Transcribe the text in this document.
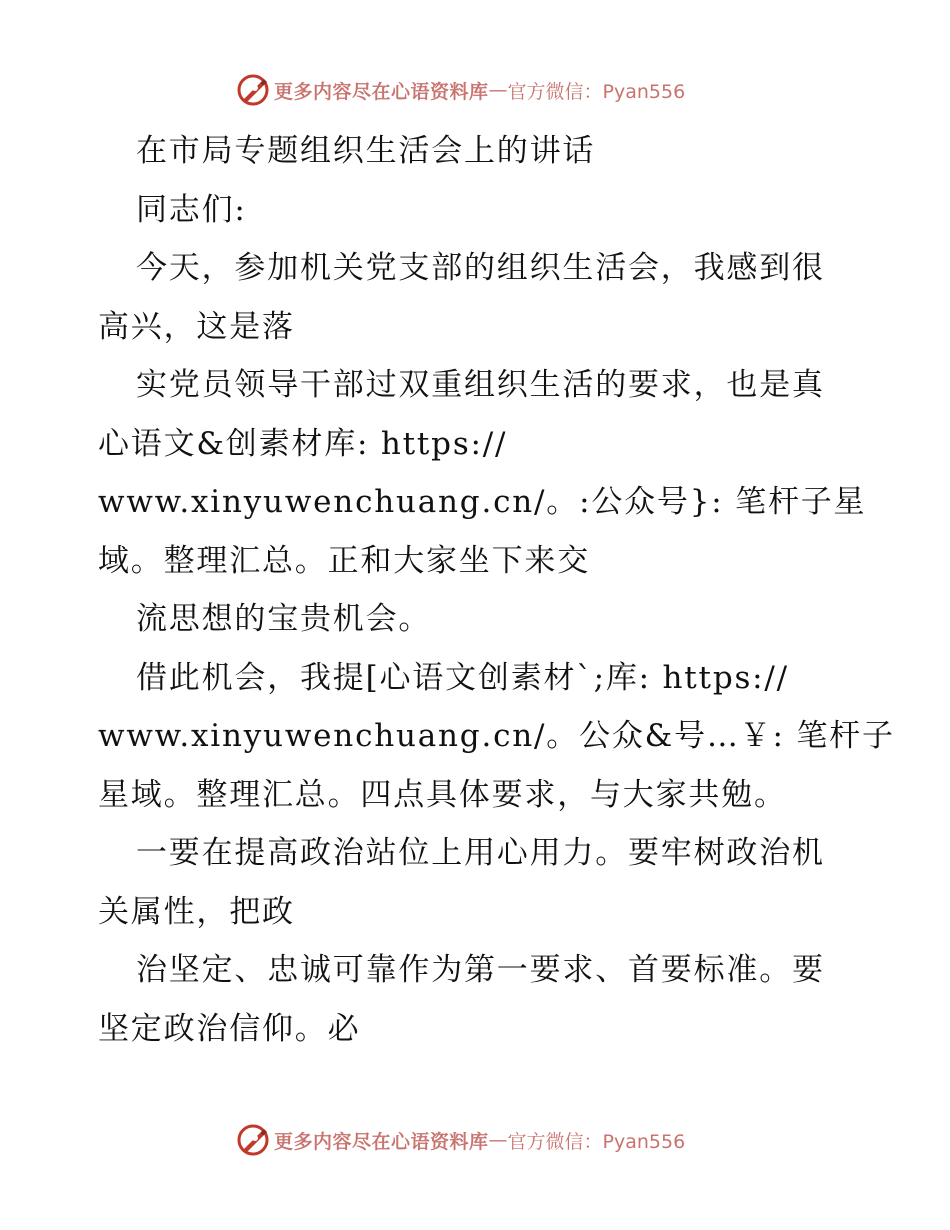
更多内容尽在心语资料库 — 官方微信：Pyan556
在市局专题组织生活会上的讲话
同志们:
今天，参加机关党支部的组织生活会，我感到很
高兴，这是落
实党员领导干部过双重组织生活的要求，也是真
心语文&创素材库: https://
www.xinyuwenchuang.cn/。:公众号}: 笔杆子星
域。整理汇总。正和大家坐下来交
流思想的宝贵机会。
借此机会，我提[心语文创素材`;库: https://
www.xinyuwenchuang.cn/。公众&号…￥: 笔杆子
星域。整理汇总。四点具体要求，与大家共勉。
一要在提高政治站位上用心用力。要牢树政治机
关属性，把政
治坚定、忠诚可靠作为第一要求、首要标准。要
坚定政治信仰。必
更多内容尽在心语资料库 — 官方微信：Pyan556
